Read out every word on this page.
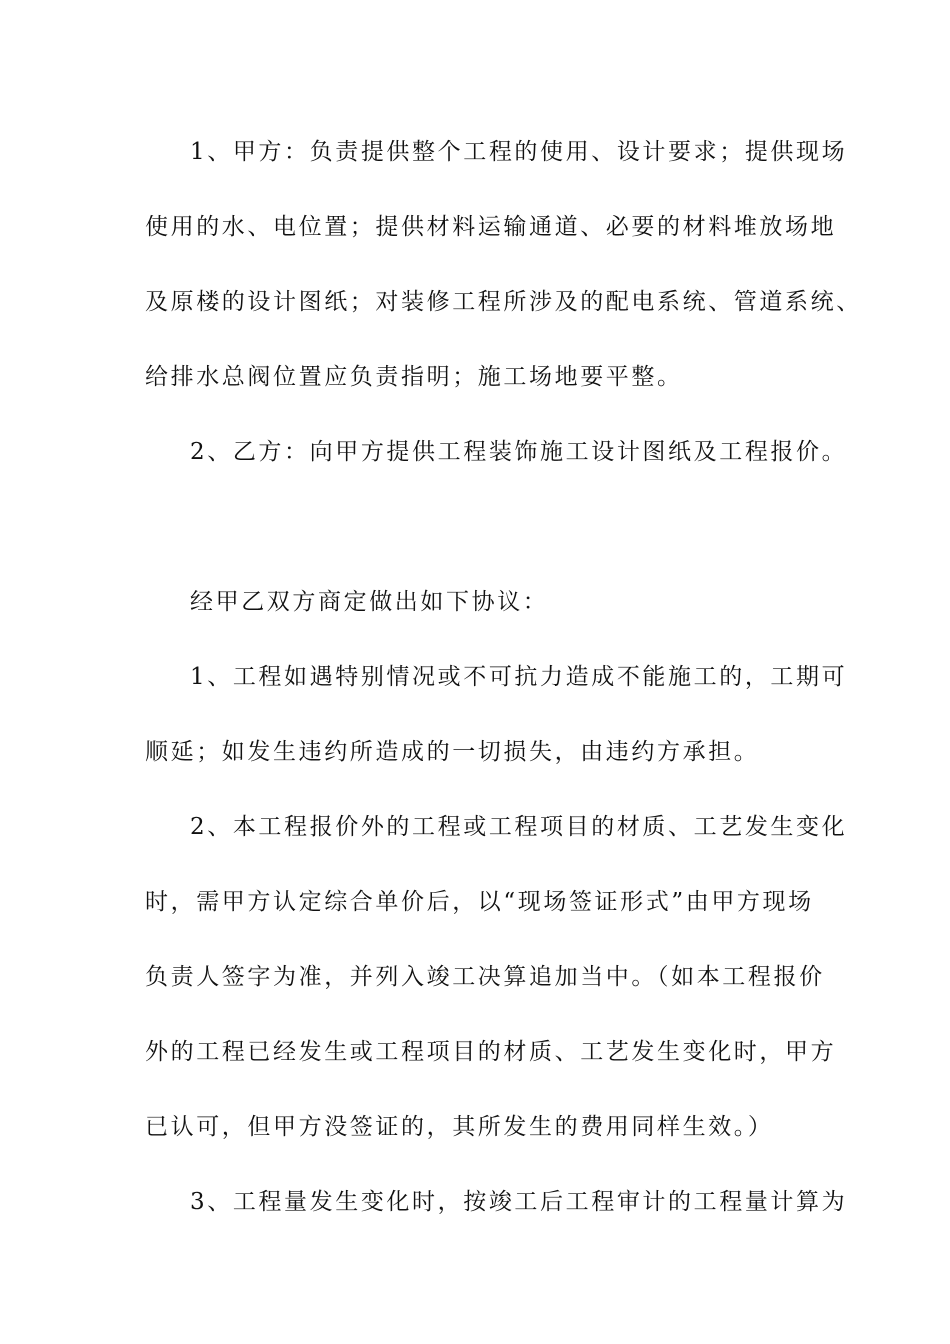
1、甲方：负责提供整个工程的使用、设计要求；提供现场
使用的水、电位置；提供材料运输通道、必要的材料堆放场地
及原楼的设计图纸；对装修工程所涉及的配电系统、管道系统、
给排水总阀位置应负责指明；施工场地要平整。
2、乙方：向甲方提供工程装饰施工设计图纸及工程报价。
经甲乙双方商定做出如下协议：
1、工程如遇特别情况或不可抗力造成不能施工的，工期可
顺延；如发生违约所造成的一切损失，由违约方承担。
2、本工程报价外的工程或工程项目的材质、工艺发生变化
时，需甲方认定综合单价后，以“现场签证形式”由甲方现场
负责人签字为准，并列入竣工决算追加当中。（如本工程报价
外的工程已经发生或工程项目的材质、工艺发生变化时，甲方
已认可，但甲方没签证的，其所发生的费用同样生效。）
3、工程量发生变化时，按竣工后工程审计的工程量计算为
